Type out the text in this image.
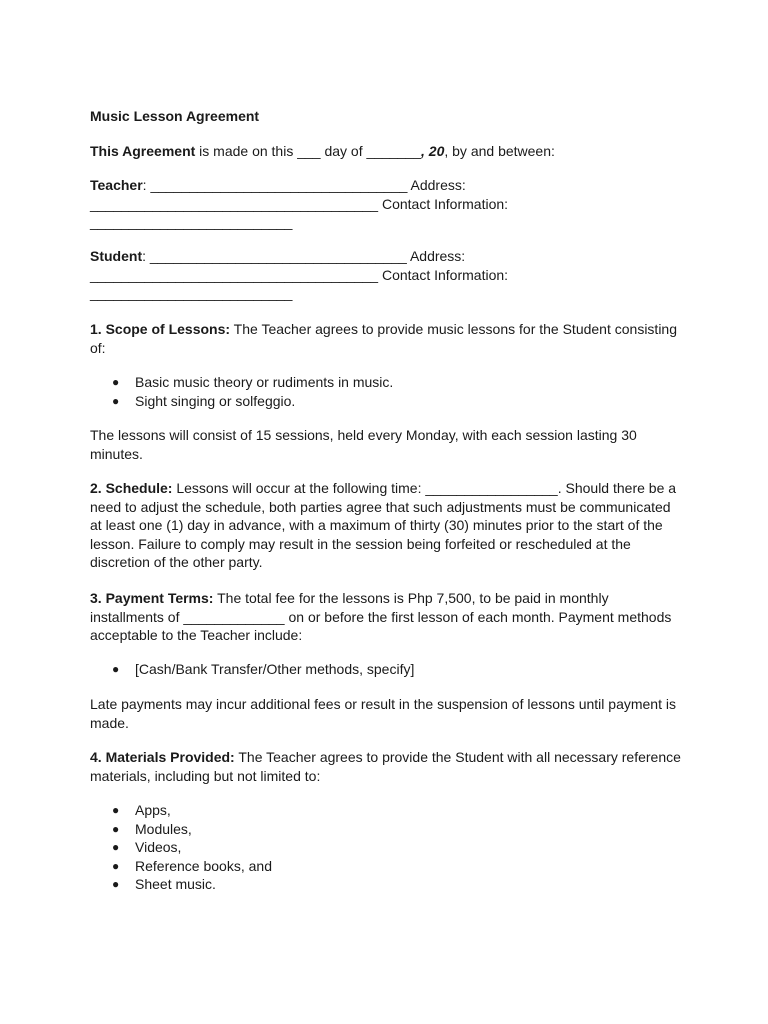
Music Lesson Agreement

This Agreement is made on this ___ day of _______, 20, by and between:

Teacher: _________________________________ Address:

_____________________________________ Contact Information:

__________________________

Student: _________________________________ Address:

_____________________________________ Contact Information:

__________________________

1. Scope of Lessons: The Teacher agrees to provide music lessons for the Student consisting

of:

● Basic music theory or rudiments in music.
● Sight singing or solfeggio.

The lessons will consist of 15 sessions, held every Monday, with each session lasting 30

minutes.

2. Schedule: Lessons will occur at the following time: _________________. Should there be a

need to adjust the schedule, both parties agree that such adjustments must be communicated

at least one (1) day in advance, with a maximum of thirty (30) minutes prior to the start of the

lesson. Failure to comply may result in the session being forfeited or rescheduled at the

discretion of the other party.

3. Payment Terms: The total fee for the lessons is Php 7,500, to be paid in monthly

installments of _____________ on or before the first lesson of each month. Payment methods

acceptable to the Teacher include:

● [Cash/Bank Transfer/Other methods, specify]

Late payments may incur additional fees or result in the suspension of lessons until payment is

made.

4. Materials Provided: The Teacher agrees to provide the Student with all necessary reference

materials, including but not limited to:

● Apps,
● Modules,
● Videos,
● Reference books, and
● Sheet music.
